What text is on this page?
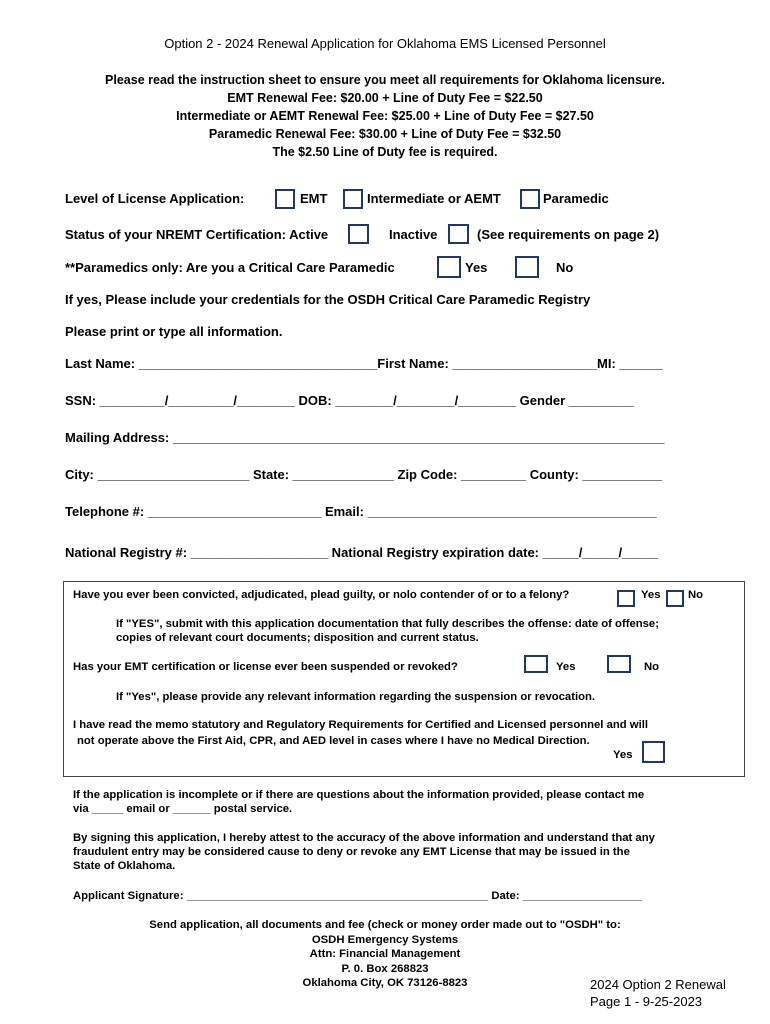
Option 2 - 2024 Renewal Application for Oklahoma EMS Licensed Personnel
Please read the instruction sheet to ensure you meet all requirements for Oklahoma licensure.
EMT Renewal Fee: $20.00 + Line of Duty Fee = $22.50
Intermediate or AEMT Renewal Fee: $25.00 + Line of Duty Fee = $27.50
Paramedic Renewal Fee: $30.00 + Line of Duty Fee = $32.50
The $2.50 Line of Duty fee is required.
Level of License Application:	EMT	Intermediate or AEMT	Paramedic
Status of your NREMT Certification: Active	Inactive	(See requirements on page 2)
**Paramedics only: Are you a Critical Care Paramedic	Yes	No
If yes, Please include your credentials for the OSDH Critical Care Paramedic Registry
Please print or type all information.
Last Name: _________________________________First Name: ____________________MI: ______
SSN: _________/_________/________ DOB: ________/________/________ Gender _________
Mailing Address: ____________________________________________________________________
City: _____________________ State: ______________ Zip Code: _________ County: ___________
Telephone #: ________________________ Email: ________________________________________
National Registry #: ___________________ National Registry expiration date: _____/_____/_____
Have you ever been convicted, adjudicated, plead guilty, or nolo contender of or to a felony?	Yes No
If "YES", submit with this application documentation that fully describes the offense: date of offense;
copies of relevant court documents; disposition and current status.
Has your EMT certification or license ever been suspended or revoked?	Yes	No
If "Yes", please provide any relevant information regarding the suspension or revocation.
I have read the memo statutory and Regulatory Requirements for Certified and Licensed personnel and will
not operate above the First Aid, CPR, and AED level in cases where I have no Medical Direction.
Yes
If the application is incomplete or if there are questions about the information provided, please contact me
via _____ email or ______ postal service.
By signing this application, I hereby attest to the accuracy of the above information and understand that any
fraudulent entry may be considered cause to deny or revoke any EMT License that may be issued in the
State of Oklahoma.
Applicant Signature: ________________________________________________ Date: ___________________
Send application, all documents and fee (check or money order made out to "OSDH" to:
OSDH Emergency Systems
Attn: Financial Management
P. 0. Box 268823
Oklahoma City, OK 73126-8823	2024 Option 2 Renewal
Page 1 - 9-25-2023
